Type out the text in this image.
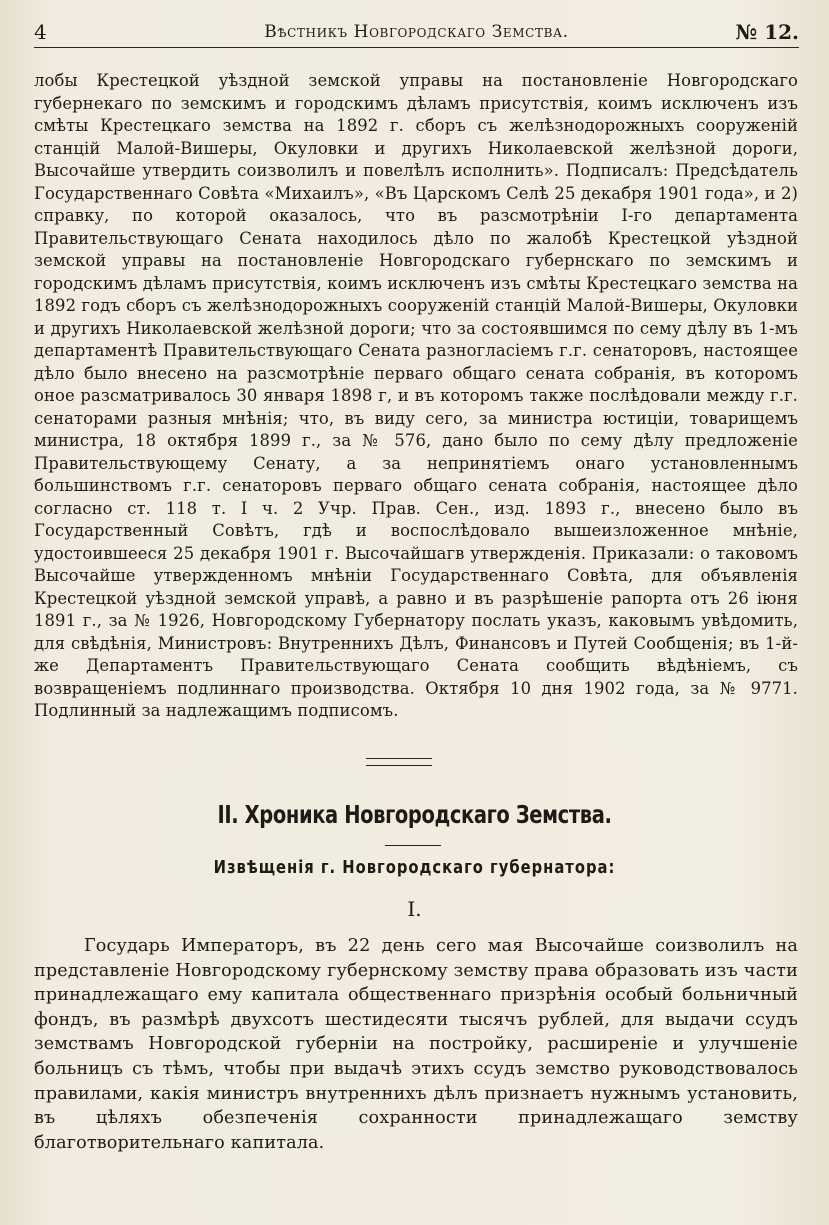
4	Вѣстникъ Новгородскаго Земства.	№ 12.

лобы Крестецкой уѣздной земской управы на постановленіе Новгородскаго губернекаго по земскимъ и городскимъ дѣламъ присутствія, коимъ исключенъ изъ смѣты Крестецкаго земства на 1892 г. сборъ съ желѣзнодорожныхъ сооруженій станцій Малой-Вишеры, Окуловки и другихъ Николаевской желѣзной дороги, Высочайше утвердить соизволилъ и повелѣлъ исполнить». Подписалъ: Предсѣдатель Государственнаго Совѣта «Михаилъ», «Въ Царскомъ Селѣ 25 декабря 1901 года», и 2) справку, по которой оказалось, что въ разсмотрѣніи I-го департамента Правительствующаго Сената находилось дѣло по жалобѣ Крестецкой уѣздной земской управы на постановленіе Новгородскаго губернскаго по земскимъ и городскимъ дѣламъ присутствія, коимъ исключенъ изъ смѣты Крестецкаго земства на 1892 годъ сборъ съ желѣзнодорожныхъ сооруженій станцій Малой-Вишеры, Окуловки и другихъ Николаевской желѣзной дороги; что за состоявшимся по сему дѣлу въ 1-мъ департаментѣ Правительствующаго Сената разногласіемъ г.г. сенаторовъ, настоящее дѣло было внесено на разсмотрѣніе перваго общаго сената собранія, въ которомъ оное разсматривалось 30 января 1898 г, и въ которомъ также послѣдовали между г.г. сенаторами разныя мнѣнія; что, въ виду сего, за министра юстиціи, товарищемъ министра, 18 октября 1899 г., за № 576, дано было по сему дѣлу предложеніе Правительствующему Сенату, а за непринятіемъ онаго установленнымъ большинствомъ г.г. сенаторовъ перваго общаго сената собранія, настоящее дѣло согласно ст. 118 т. I ч. 2 Учр. Прав. Сен., изд. 1893 г., внесено было въ Государственный Совѣтъ, гдѣ и воспослѣдовало вышеизложенное мнѣніе, удостоившееся 25 декабря 1901 г. Высочайшагв утвержденія. Приказали: о таковомъ Высочайше утвержденномъ мнѣніи Государственнаго Совѣта, для объявленія Крестецкой уѣздной земской управѣ, а равно и въ разрѣшеніе рапорта отъ 26 іюня 1891 г., за № 1926, Новгородскому Губернатору послать указъ, каковымъ увѣдомить, для свѣдѣнія, Министровъ: Внутреннихъ Дѣлъ, Финансовъ и Путей Сообщенія; въ 1-й-же Департаментъ Правительствующаго Сената сообщить вѣдѣніемъ, съ возвращеніемъ подлиннаго производства. Октября 10 дня 1902 года, за № 9771. Подлинный за надлежащимъ подписомъ.

II. Хроника Новгородскаго Земства.
Извѣщенія г. Новгородскаго губернатора:
I.

Государь Императоръ, въ 22 день сего мая Высочайше соизволилъ на представленіе Новгородскому губернскому земству права образовать изъ части принадлежащаго ему капитала общественнаго призрѣнія особый больничный фондъ, въ размѣрѣ двухсотъ шестидесяти тысячъ рублей, для выдачи ссудъ земствамъ Новгородской губерніи на постройку, расширеніе и улучшеніе больницъ съ тѣмъ, чтобы при выдачѣ этихъ ссудъ земство руководствовалось правилами, какія министръ внутреннихъ дѣлъ признаетъ нужнымъ установить, въ цѣляхъ обезпеченія сохранности принадлежащаго земству благотворительнаго капитала.
